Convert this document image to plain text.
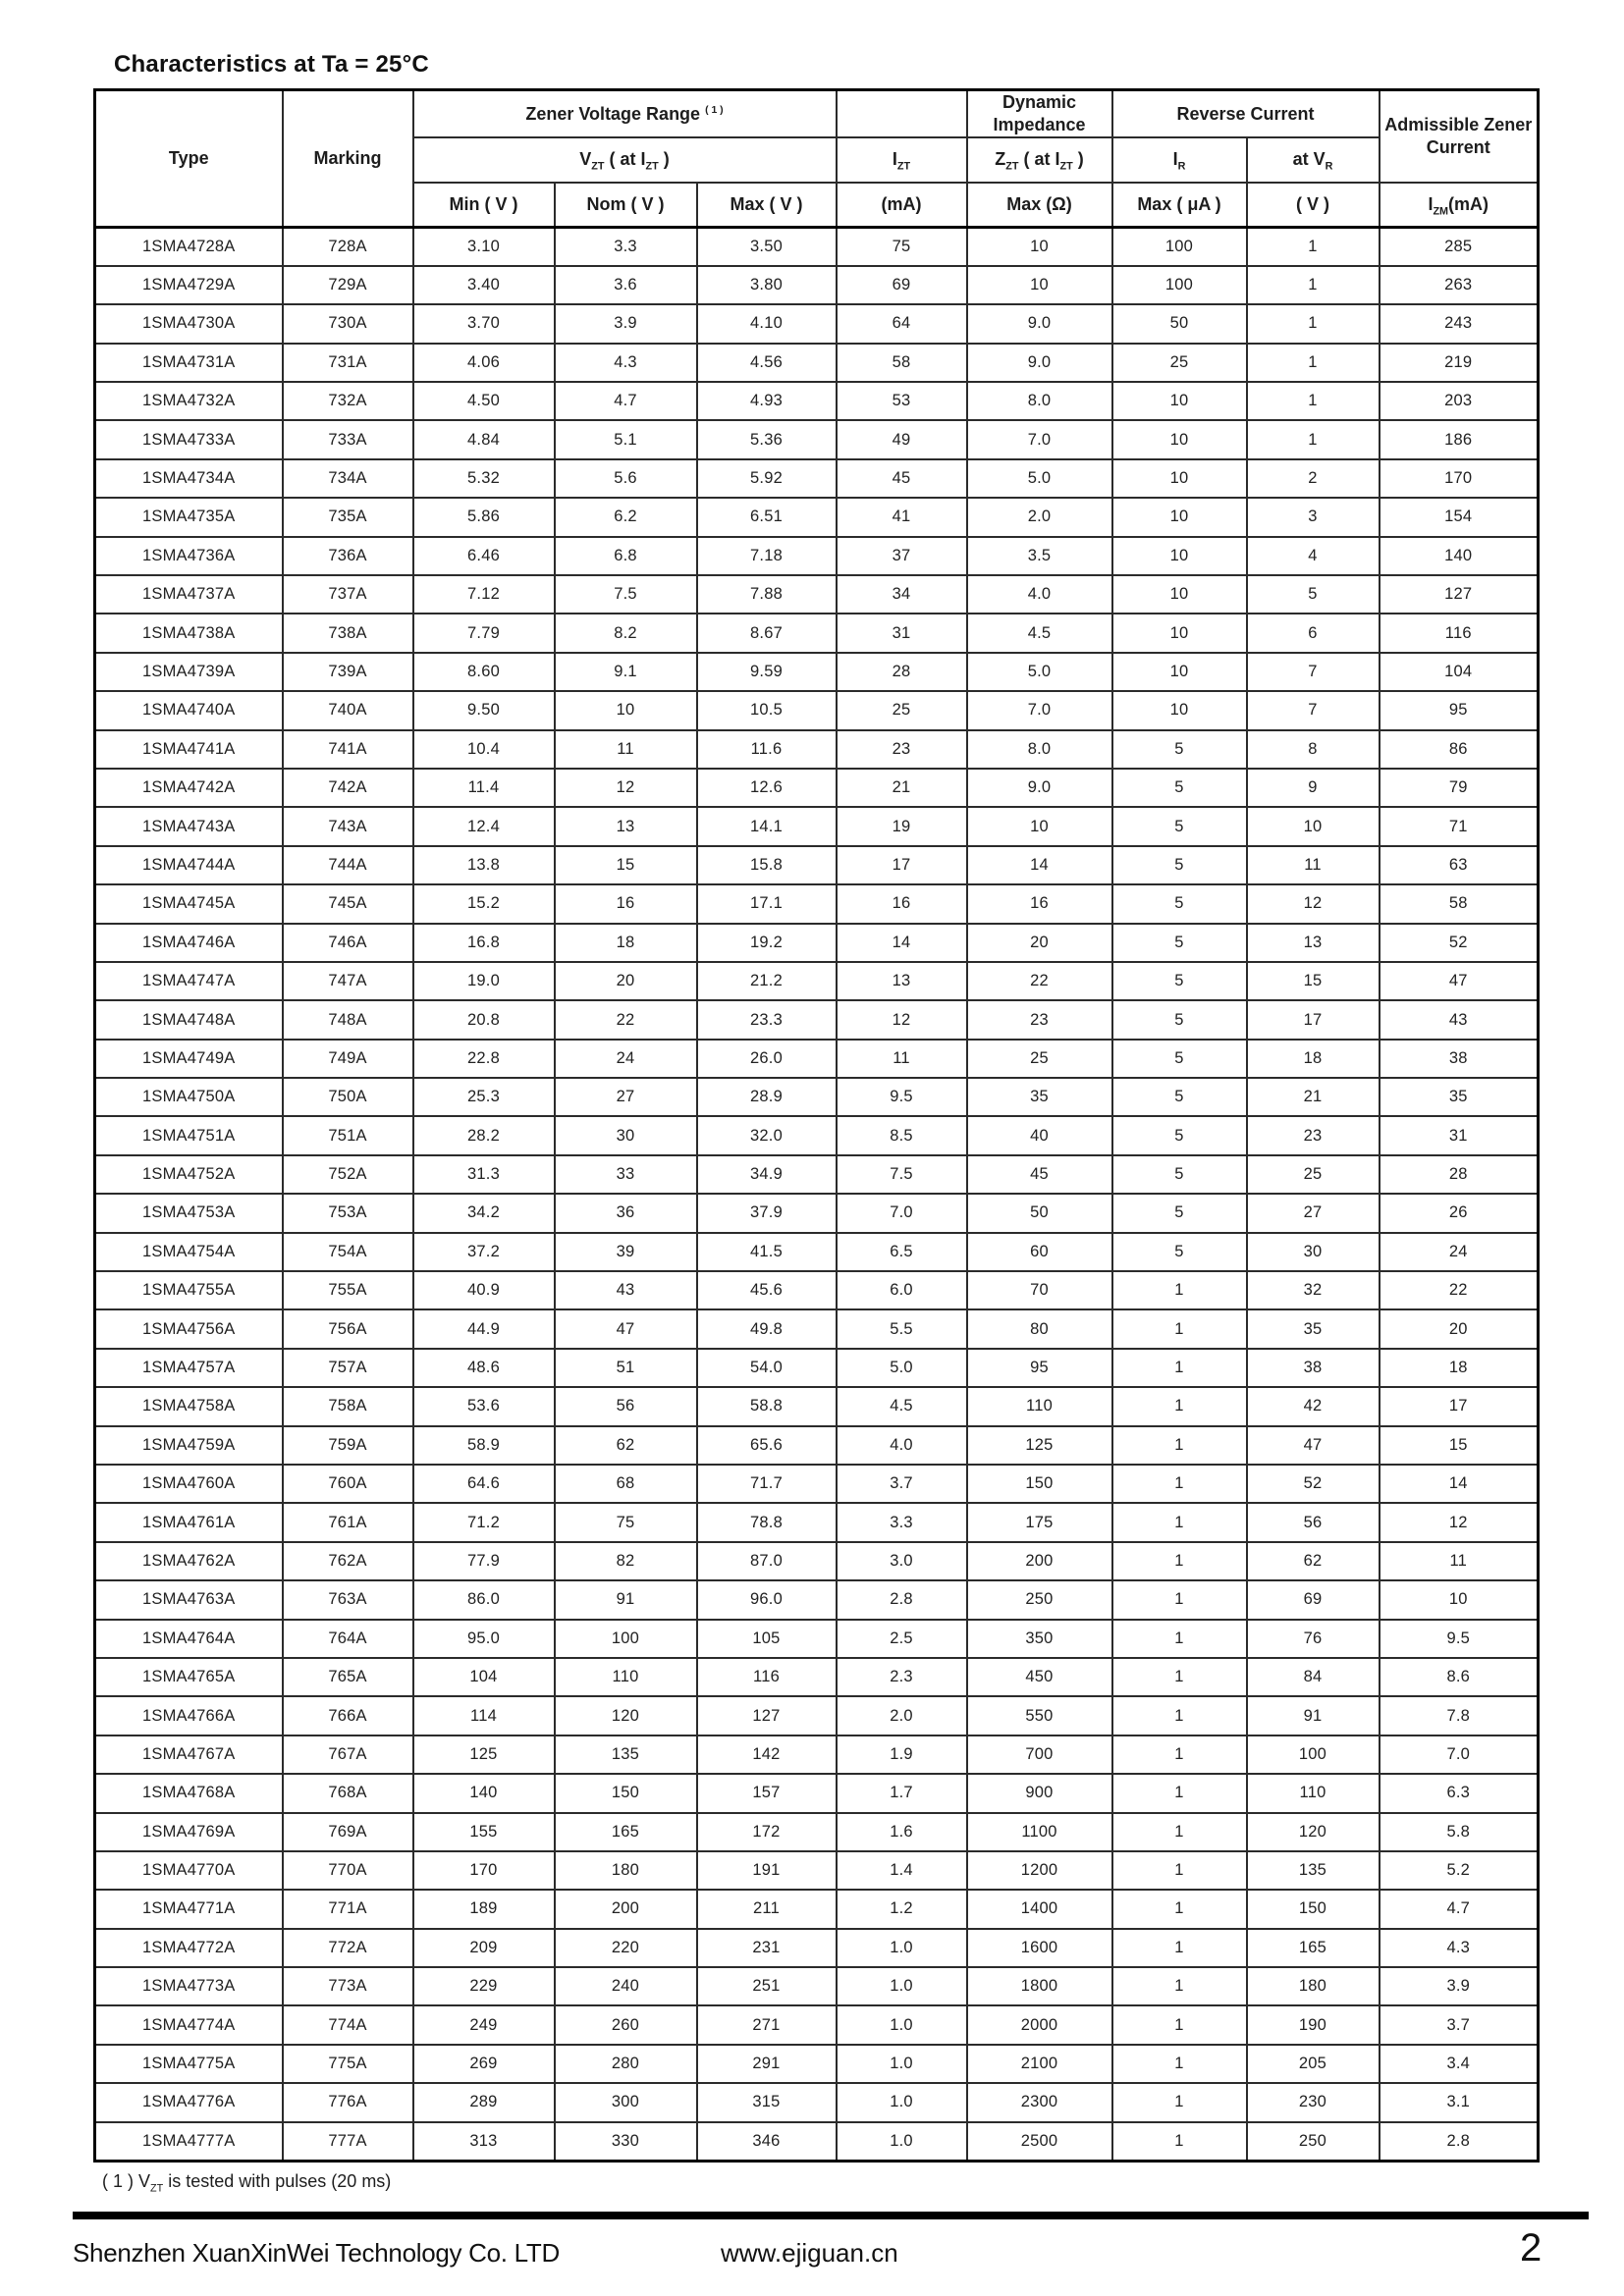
Characteristics at Ta = 25°C
Type	Marking	Zener Voltage Range $^{( 1 )}$				Dynamic Impedance	Reverse Current		Admissible Zener Current
		$V_{ZT}$ ( at $I_{ZT}$ )			$I_{ZT}$	$Z_{ZT}$ ( at $I_{ZT}$ )	$I_R$	at $V_R$
		Min ( V )	Nom ( V )	Max ( V )	(mA)	Max (Ω)	Max ( μA )	( V )	$I_{ZM}(mA)$
1SMA4728A	728A	3.10	3.3	3.50	75	10	100	1	285
1SMA4729A	729A	3.40	3.6	3.80	69	10	100	1	263
1SMA4730A	730A	3.70	3.9	4.10	64	9.0	50	1	243
1SMA4731A	731A	4.06	4.3	4.56	58	9.0	25	1	219
1SMA4732A	732A	4.50	4.7	4.93	53	8.0	10	1	203
1SMA4733A	733A	4.84	5.1	5.36	49	7.0	10	1	186
1SMA4734A	734A	5.32	5.6	5.92	45	5.0	10	2	170
1SMA4735A	735A	5.86	6.2	6.51	41	2.0	10	3	154
1SMA4736A	736A	6.46	6.8	7.18	37	3.5	10	4	140
1SMA4737A	737A	7.12	7.5	7.88	34	4.0	10	5	127
1SMA4738A	738A	7.79	8.2	8.67	31	4.5	10	6	116
1SMA4739A	739A	8.60	9.1	9.59	28	5.0	10	7	104
1SMA4740A	740A	9.50	10	10.5	25	7.0	10	7	95
1SMA4741A	741A	10.4	11	11.6	23	8.0	5	8	86
1SMA4742A	742A	11.4	12	12.6	21	9.0	5	9	79
1SMA4743A	743A	12.4	13	14.1	19	10	5	10	71
1SMA4744A	744A	13.8	15	15.8	17	14	5	11	63
1SMA4745A	745A	15.2	16	17.1	16	16	5	12	58
1SMA4746A	746A	16.8	18	19.2	14	20	5	13	52
1SMA4747A	747A	19.0	20	21.2	13	22	5	15	47
1SMA4748A	748A	20.8	22	23.3	12	23	5	17	43
1SMA4749A	749A	22.8	24	26.0	11	25	5	18	38
1SMA4750A	750A	25.3	27	28.9	9.5	35	5	21	35
1SMA4751A	751A	28.2	30	32.0	8.5	40	5	23	31
1SMA4752A	752A	31.3	33	34.9	7.5	45	5	25	28
1SMA4753A	753A	34.2	36	37.9	7.0	50	5	27	26
1SMA4754A	754A	37.2	39	41.5	6.5	60	5	30	24
1SMA4755A	755A	40.9	43	45.6	6.0	70	1	32	22
1SMA4756A	756A	44.9	47	49.8	5.5	80	1	35	20
1SMA4757A	757A	48.6	51	54.0	5.0	95	1	38	18
1SMA4758A	758A	53.6	56	58.8	4.5	110	1	42	17
1SMA4759A	759A	58.9	62	65.6	4.0	125	1	47	15
1SMA4760A	760A	64.6	68	71.7	3.7	150	1	52	14
1SMA4761A	761A	71.2	75	78.8	3.3	175	1	56	12
1SMA4762A	762A	77.9	82	87.0	3.0	200	1	62	11
1SMA4763A	763A	86.0	91	96.0	2.8	250	1	69	10
1SMA4764A	764A	95.0	100	105	2.5	350	1	76	9.5
1SMA4765A	765A	104	110	116	2.3	450	1	84	8.6
1SMA4766A	766A	114	120	127	2.0	550	1	91	7.8
1SMA4767A	767A	125	135	142	1.9	700	1	100	7.0
1SMA4768A	768A	140	150	157	1.7	900	1	110	6.3
1SMA4769A	769A	155	165	172	1.6	1100	1	120	5.8
1SMA4770A	770A	170	180	191	1.4	1200	1	135	5.2
1SMA4771A	771A	189	200	211	1.2	1400	1	150	4.7
1SMA4772A	772A	209	220	231	1.0	1600	1	165	4.3
1SMA4773A	773A	229	240	251	1.0	1800	1	180	3.9
1SMA4774A	774A	249	260	271	1.0	2000	1	190	3.7
1SMA4775A	775A	269	280	291	1.0	2100	1	205	3.4
1SMA4776A	776A	289	300	315	1.0	2300	1	230	3.1
1SMA4777A	777A	313	330	346	1.0	2500	1	250	2.8
( 1 ) $V_{ZT}$ is tested with pulses (20 ms)
Shenzhen XuanXinWei Technology Co. LTD	www.ejiguan.cn	2
